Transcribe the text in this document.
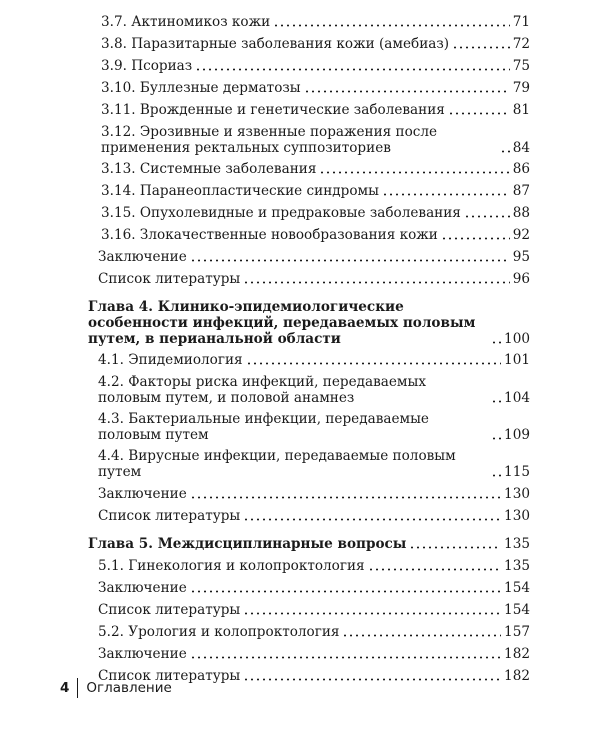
3.7. Актиномикоз кожи	71
3.8. Паразитарные заболевания кожи (амебиаз)	72
3.9. Псориаз	75
3.10. Буллезные дерматозы	79
3.11. Врожденные и генетические заболевания	81
3.12. Эрозивные и язвенные поражения после применения ректальных суппозиториев	84
3.13. Системные заболевания	86
3.14. Паранеопластические синдромы	87
3.15. Опухолевидные и предраковые заболевания	88
3.16. Злокачественные новообразования кожи	92
Заключение	95
Список литературы	96
Глава 4. Клинико-эпидемиологические особенности инфекций, передаваемых половым путем, в перианальной области	100
4.1. Эпидемиология	101
4.2. Факторы риска инфекций, передаваемых половым путем, и половой анамнез	104
4.3. Бактериальные инфекции, передаваемые половым путем	109
4.4. Вирусные инфекции, передаваемые половым путем	115
Заключение	130
Список литературы	130
Глава 5. Междисциплинарные вопросы	135
5.1. Гинекология и колопроктология	135
Заключение	154
Список литературы	154
5.2. Урология и колопроктология	157
Заключение	182
Список литературы	182
4 Оглавление
